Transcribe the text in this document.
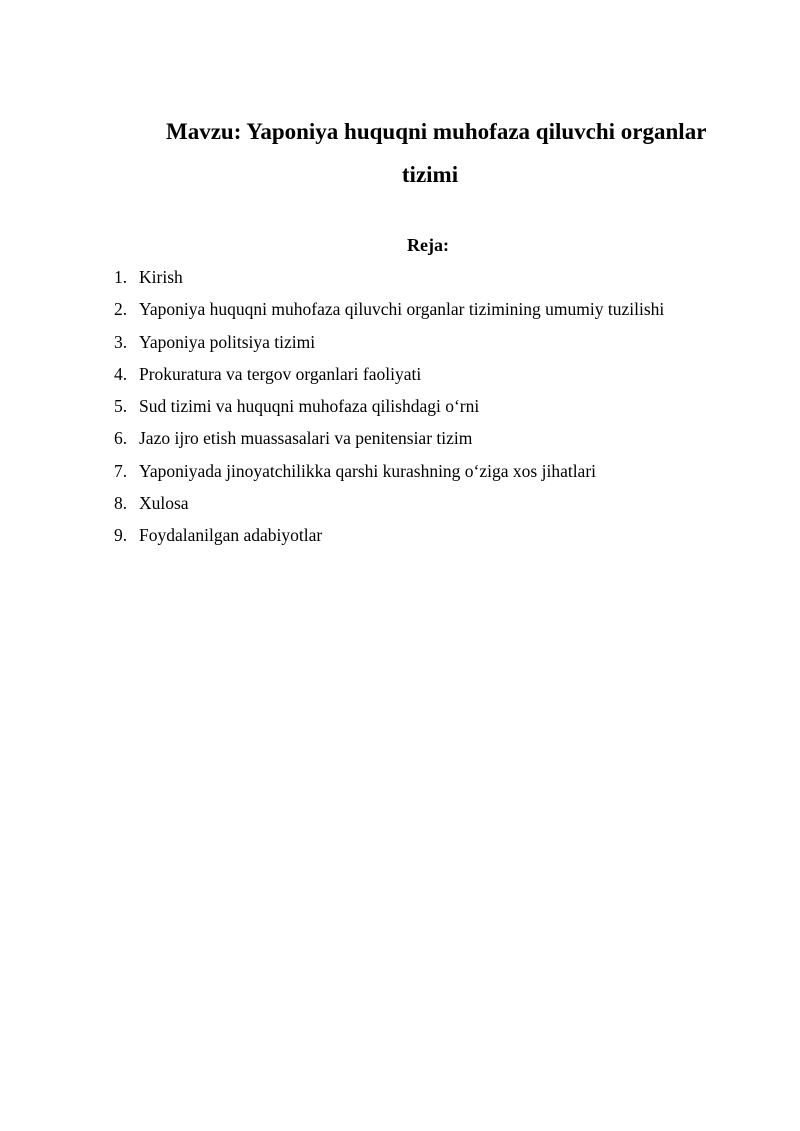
Mavzu: Yaponiya huquqni muhofaza qiluvchi organlar
tizimi
Reja:
1. Kirish
2. Yaponiya huquqni muhofaza qiluvchi organlar tizimining umumiy tuzilishi
3. Yaponiya politsiya tizimi
4. Prokuratura va tergov organlari faoliyati
5. Sud tizimi va huquqni muhofaza qilishdagi o‘rni
6. Jazo ijro etish muassasalari va penitensiar tizim
7. Yaponiyada jinoyatchilikka qarshi kurashning o‘ziga xos jihatlari
8. Xulosa
9. Foydalanilgan adabiyotlar
